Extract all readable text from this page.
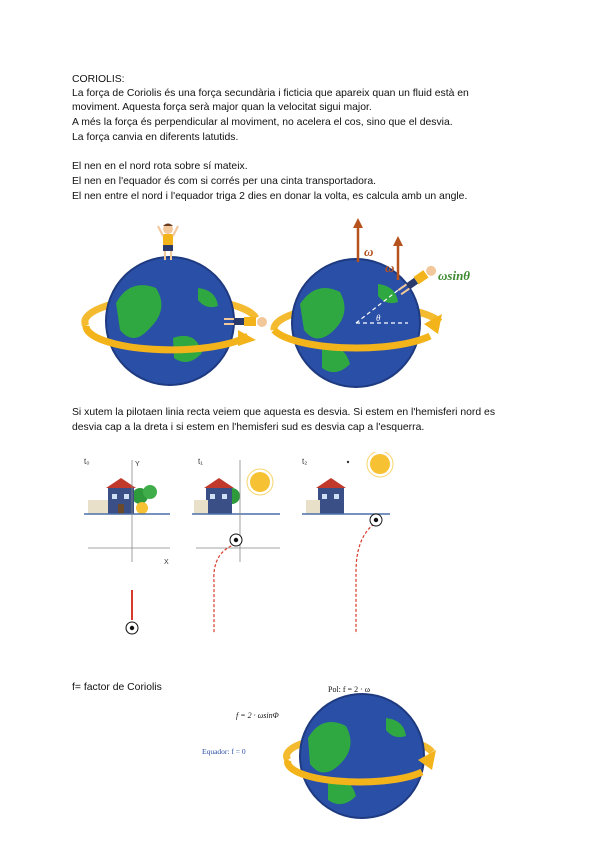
CORIOLIS:
La força de Coriolis és una força secundària i ficticia que apareix quan un fluid està en
moviment. Aquesta força serà major quan la velocitat sigui major.
A més la força és perpendicular al moviment, no acelera el cos, sino que el desvia.
La força canvia en diferents latutids.
El nen en el nord rota sobre sí mateix.
El nen en l'equador és com si corrés per una cinta transportadora.
El nen entre el nord i l'equador triga 2 dies en donar la volta, es calcula amb un angle.
ω
ω
ωsinθ
θ
Si xutem la pilotaen linia recta veiem que aquesta es desvia. Si estem en l'hemisferi nord es
desvia cap a la dreta i si estem en l'hemisferi sud es desvia cap a l'esquerra.
t₀	Y
X
t₁	t₂
f= factor de Coriolis	Pol: f = 2 · ω
f = 2 · ωsinΦ
Equador: f = 0
